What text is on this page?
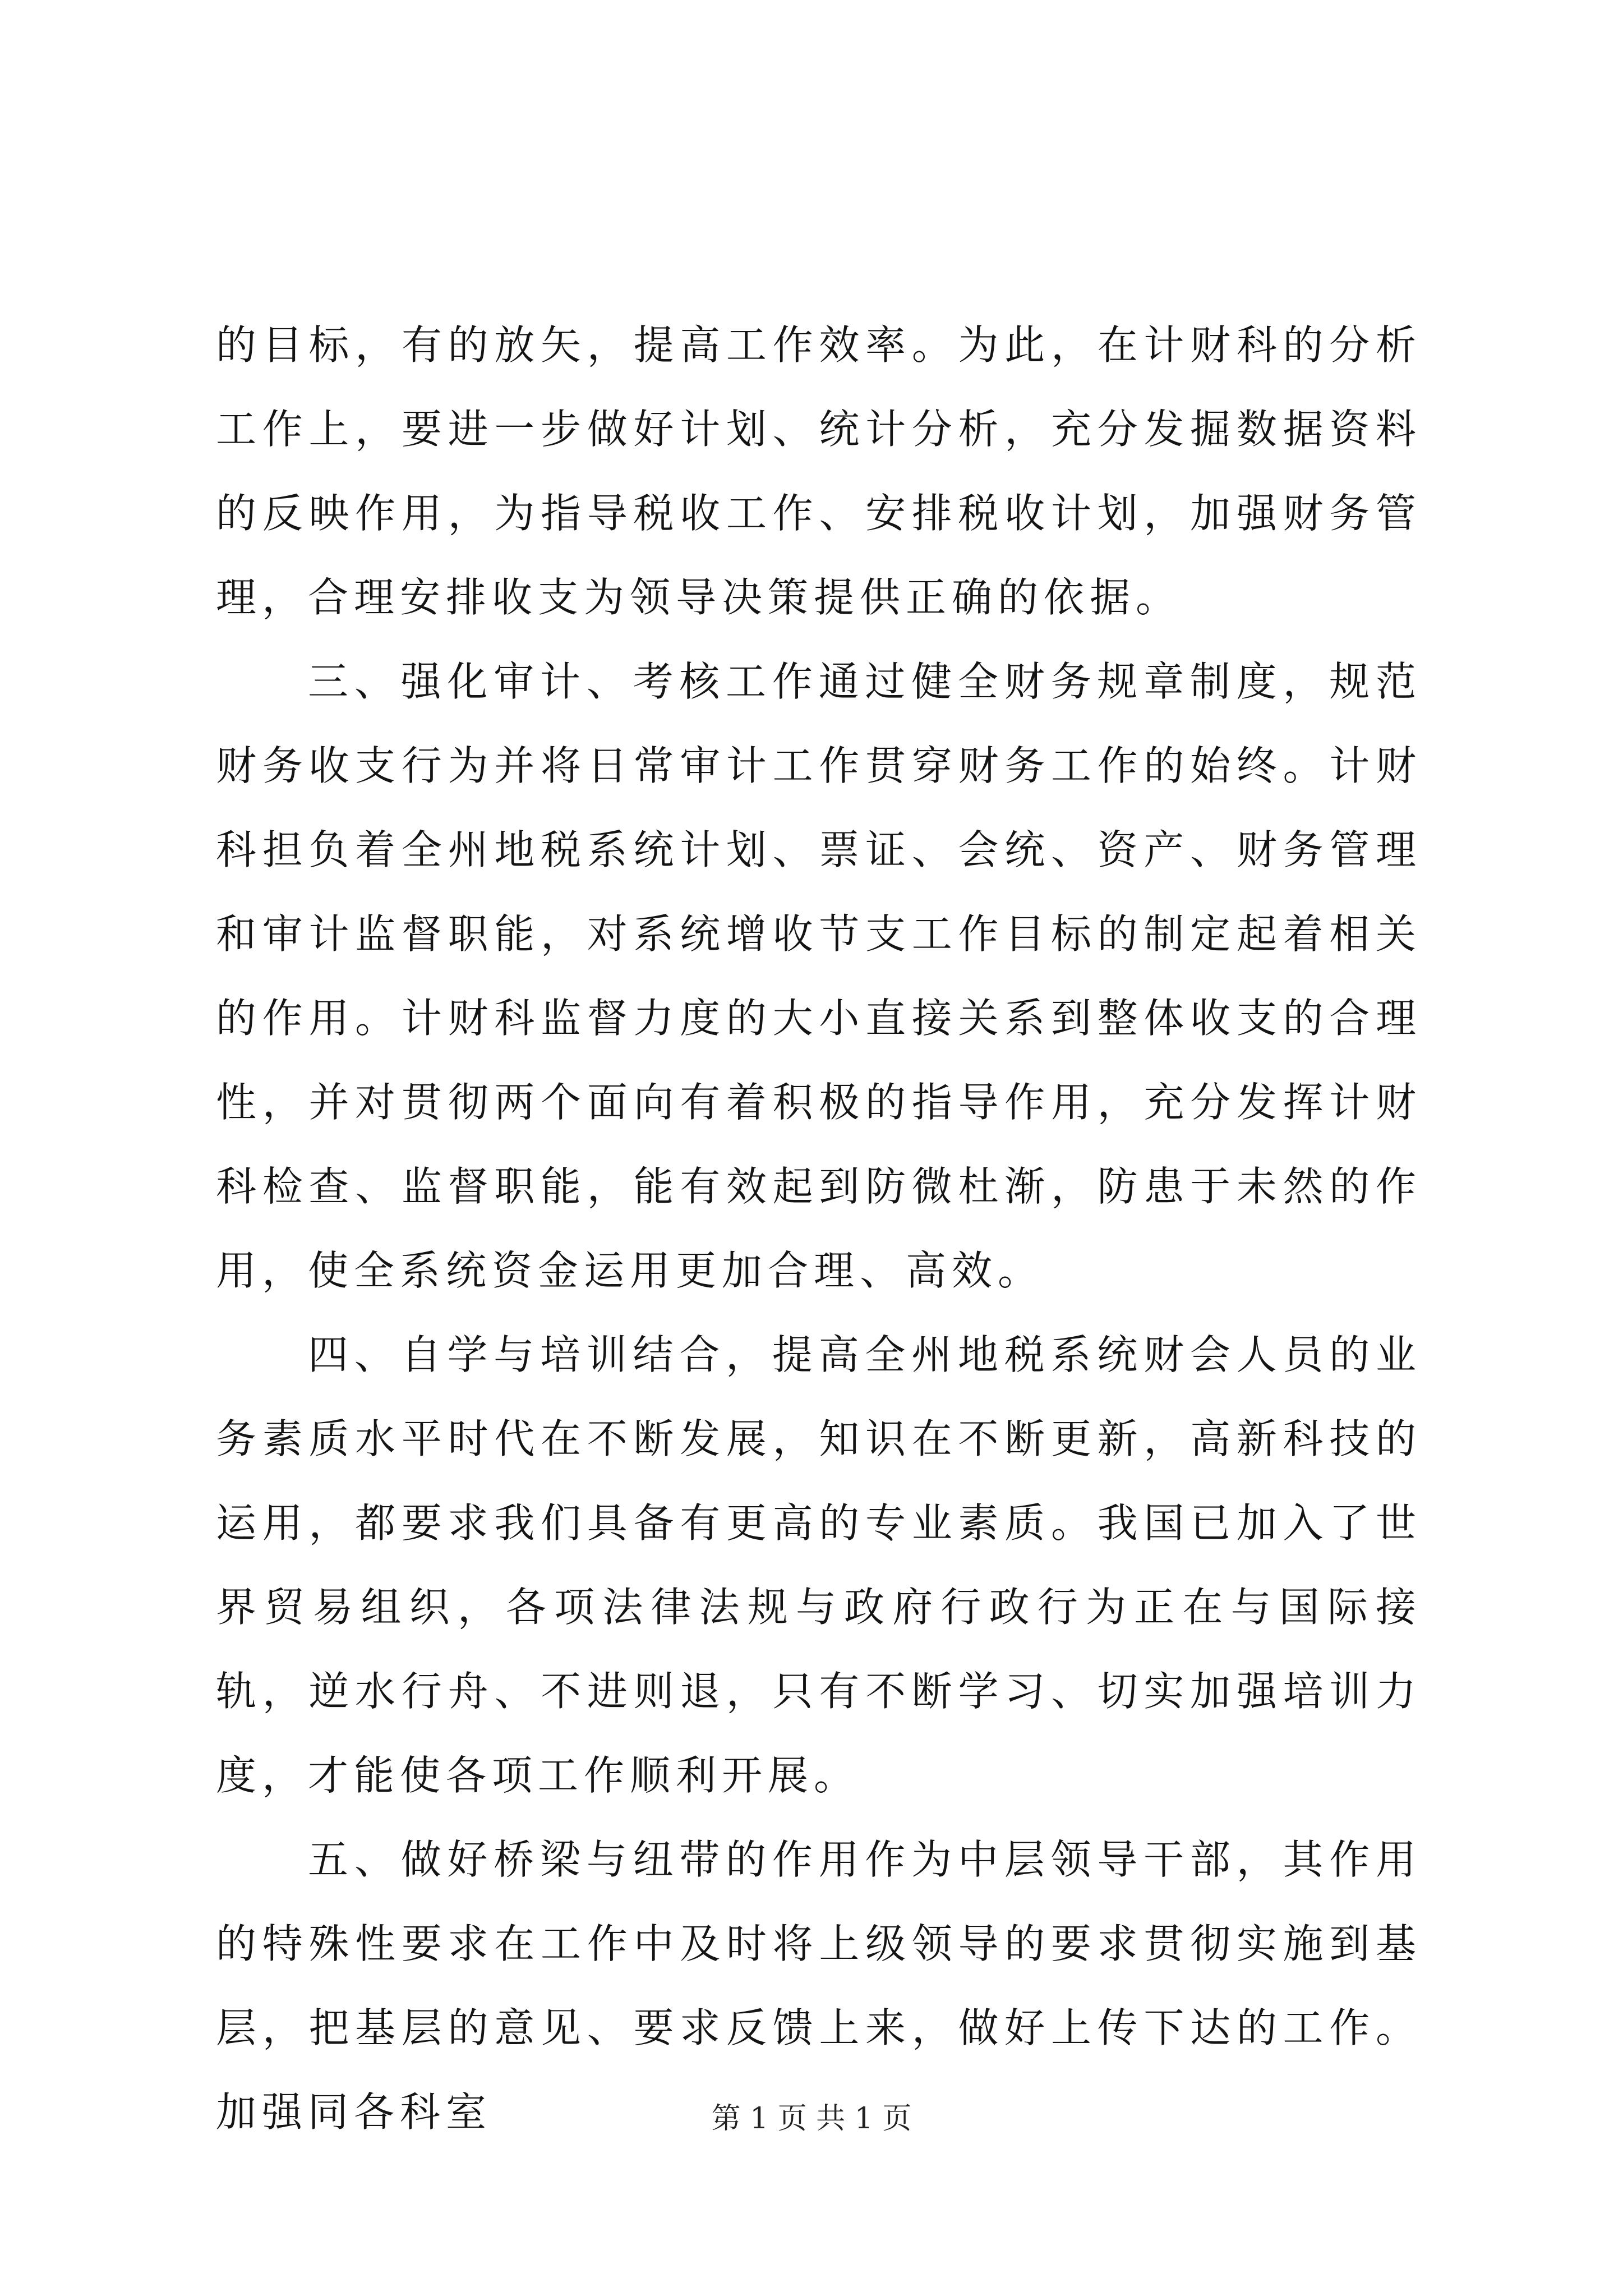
的目标，有的放矢，提高工作效率。为此，在计财科的分析工作上，要进一步做好计划、统计分析，充分发掘数据资料的反映作用，为指导税收工作、安排税收计划，加强财务管理，合理安排收支为领导决策提供正确的依据。

三、强化审计、考核工作通过健全财务规章制度，规范财务收支行为并将日常审计工作贯穿财务工作的始终。计财科担负着全州地税系统计划、票证、会统、资产、财务管理和审计监督职能，对系统增收节支工作目标的制定起着相关的作用。计财科监督力度的大小直接关系到整体收支的合理性，并对贯彻两个面向有着积极的指导作用，充分发挥计财科检查、监督职能，能有效起到防微杜渐，防患于未然的作用，使全系统资金运用更加合理、高效。

四、自学与培训结合，提高全州地税系统财会人员的业务素质水平时代在不断发展，知识在不断更新，高新科技的运用，都要求我们具备有更高的专业素质。我国已加入了世界贸易组织，各项法律法规与政府行政行为正在与国际接轨，逆水行舟、不进则退，只有不断学习、切实加强培训力度，才能使各项工作顺利开展。

五、做好桥梁与纽带的作用作为中层领导干部，其作用的特殊性要求在工作中及时将上级领导的要求贯彻实施到基层，把基层的意见、要求反馈上来，做好上传下达的工作。加强同各科室	第 1 页 共 1 页
